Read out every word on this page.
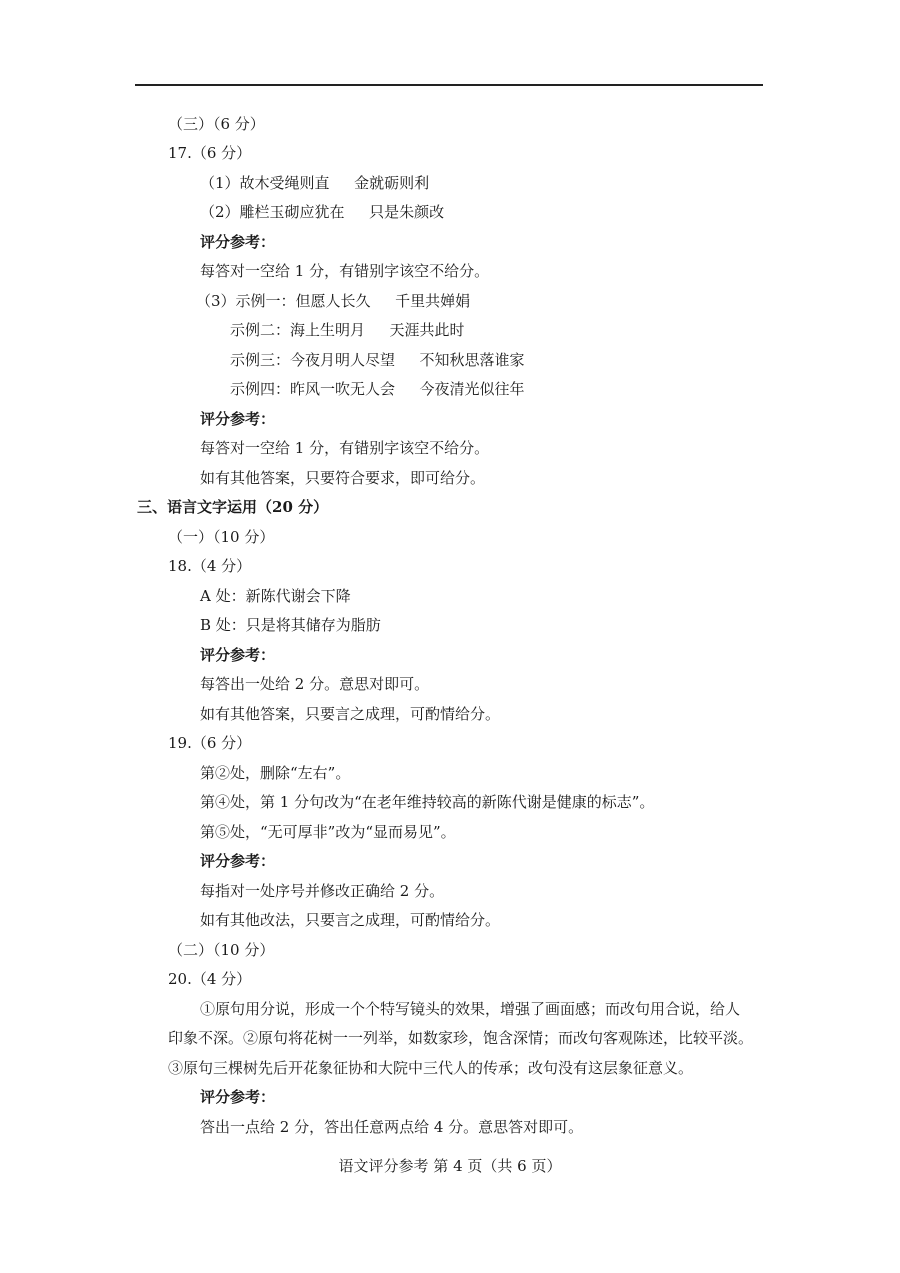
（三）（6 分）
17.（6 分）
（1）故木受绳则直 　 金就砺则利
（2）雕栏玉砌应犹在 　 只是朱颜改
评分参考：
每答对一空给 1 分，有错别字该空不给分。
（3）示例一：但愿人长久 　 千里共婵娟
示例二：海上生明月 　 天涯共此时
示例三：今夜月明人尽望 　 不知秋思落谁家
示例四：昨风一吹无人会 　 今夜清光似往年
评分参考：
每答对一空给 1 分，有错别字该空不给分。
如有其他答案，只要符合要求，即可给分。
三、语言文字运用（20 分）
（一）（10 分）
18.（4 分）
A 处：新陈代谢会下降
B 处：只是将其储存为脂肪
评分参考：
每答出一处给 2 分。意思对即可。
如有其他答案，只要言之成理，可酌情给分。
19.（6 分）
第②处，删除“左右”。
第④处，第 1 分句改为“在老年维持较高的新陈代谢是健康的标志”。
第⑤处，“无可厚非”改为“显而易见”。
评分参考：
每指对一处序号并修改正确给 2 分。
如有其他改法，只要言之成理，可酌情给分。
（二）（10 分）
20.（4 分）
①原句用分说，形成一个个特写镜头的效果，增强了画面感；而改句用合说，给人
印象不深。②原句将花树一一列举，如数家珍，饱含深情；而改句客观陈述，比较平淡。
③原句三棵树先后开花象征协和大院中三代人的传承；改句没有这层象征意义。
评分参考：
答出一点给 2 分，答出任意两点给 4 分。意思答对即可。
语文评分参考 第 4 页（共 6 页）
